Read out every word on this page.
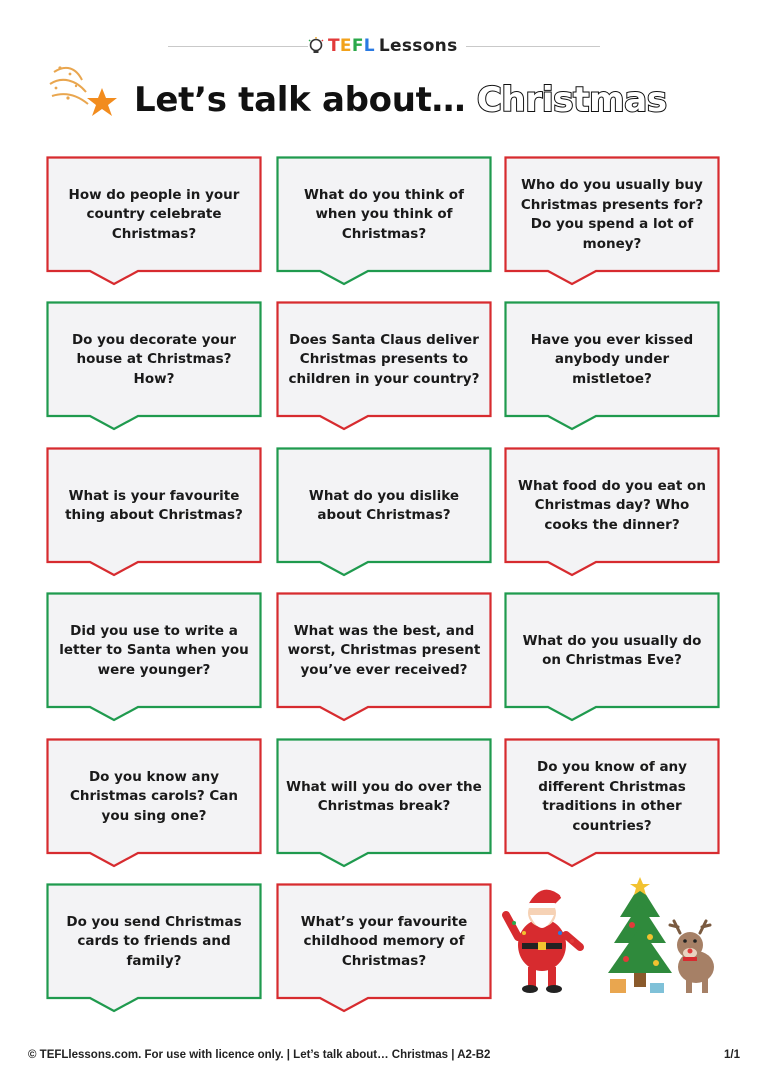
T E F L Lessons
Let’s talk about… Christmas
How do people in your country celebrate Christmas?
What do you think of when you think of Christmas?
Who do you usually buy Christmas presents for? Do you spend a lot of money?
Do you decorate your house at Christmas? How?
Does Santa Claus deliver Christmas presents to children in your country?
Have you ever kissed anybody under mistletoe?
What is your favourite thing about Christmas?
What do you dislike about Christmas?
What food do you eat on Christmas day? Who cooks the dinner?
Did you use to write a letter to Santa when you were younger?
What was the best, and worst, Christmas present you’ve ever received?
What do you usually do on Christmas Eve?
Do you know any Christmas carols? Can you sing one?
What will you do over the Christmas break?
Do you know of any different Christmas traditions in other countries?
Do you send Christmas cards to friends and family?
What’s your favourite childhood memory of Christmas?
© TEFLlessons.com. For use with licence only. | Let’s talk about… Christmas | A2-B2	1/1
